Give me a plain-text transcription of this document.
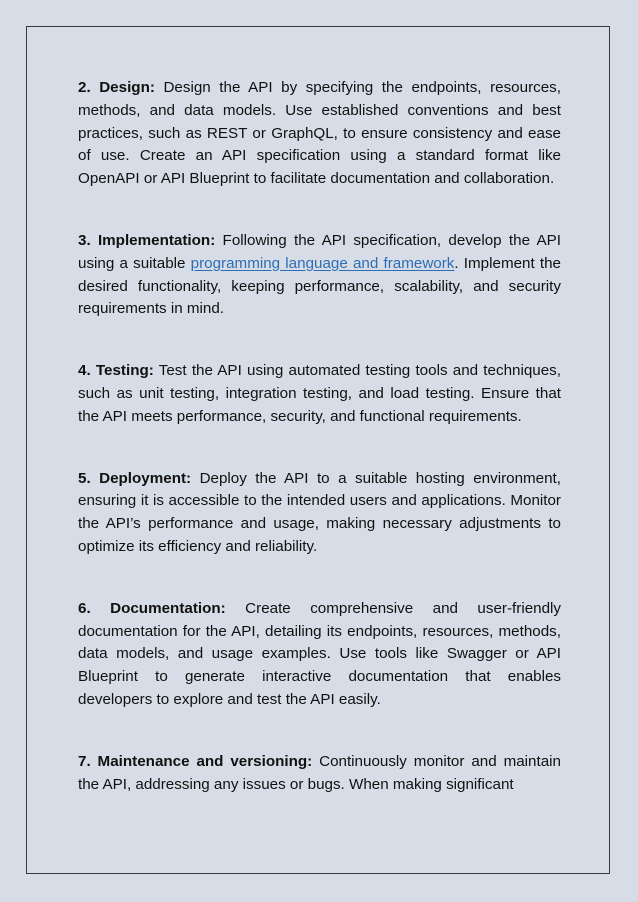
2. Design: Design the API by specifying the endpoints, resources, methods, and data models. Use established conventions and best practices, such as REST or GraphQL, to ensure consistency and ease of use. Create an API specification using a standard format like OpenAPI or API Blueprint to facilitate documentation and collaboration.

3. Implementation: Following the API specification, develop the API using a suitable programming language and framework. Implement the desired functionality, keeping performance, scalability, and security requirements in mind.

4. Testing: Test the API using automated testing tools and techniques, such as unit testing, integration testing, and load testing. Ensure that the API meets performance, security, and functional requirements.

5. Deployment: Deploy the API to a suitable hosting environment, ensuring it is accessible to the intended users and applications. Monitor the API’s performance and usage, making necessary adjustments to optimize its efficiency and reliability.

6. Documentation: Create comprehensive and user-friendly documentation for the API, detailing its endpoints, resources, methods, data models, and usage examples. Use tools like Swagger or API Blueprint to generate interactive documentation that enables developers to explore and test the API easily.

7. Maintenance and versioning: Continuously monitor and maintain the API, addressing any issues or bugs. When making significant
